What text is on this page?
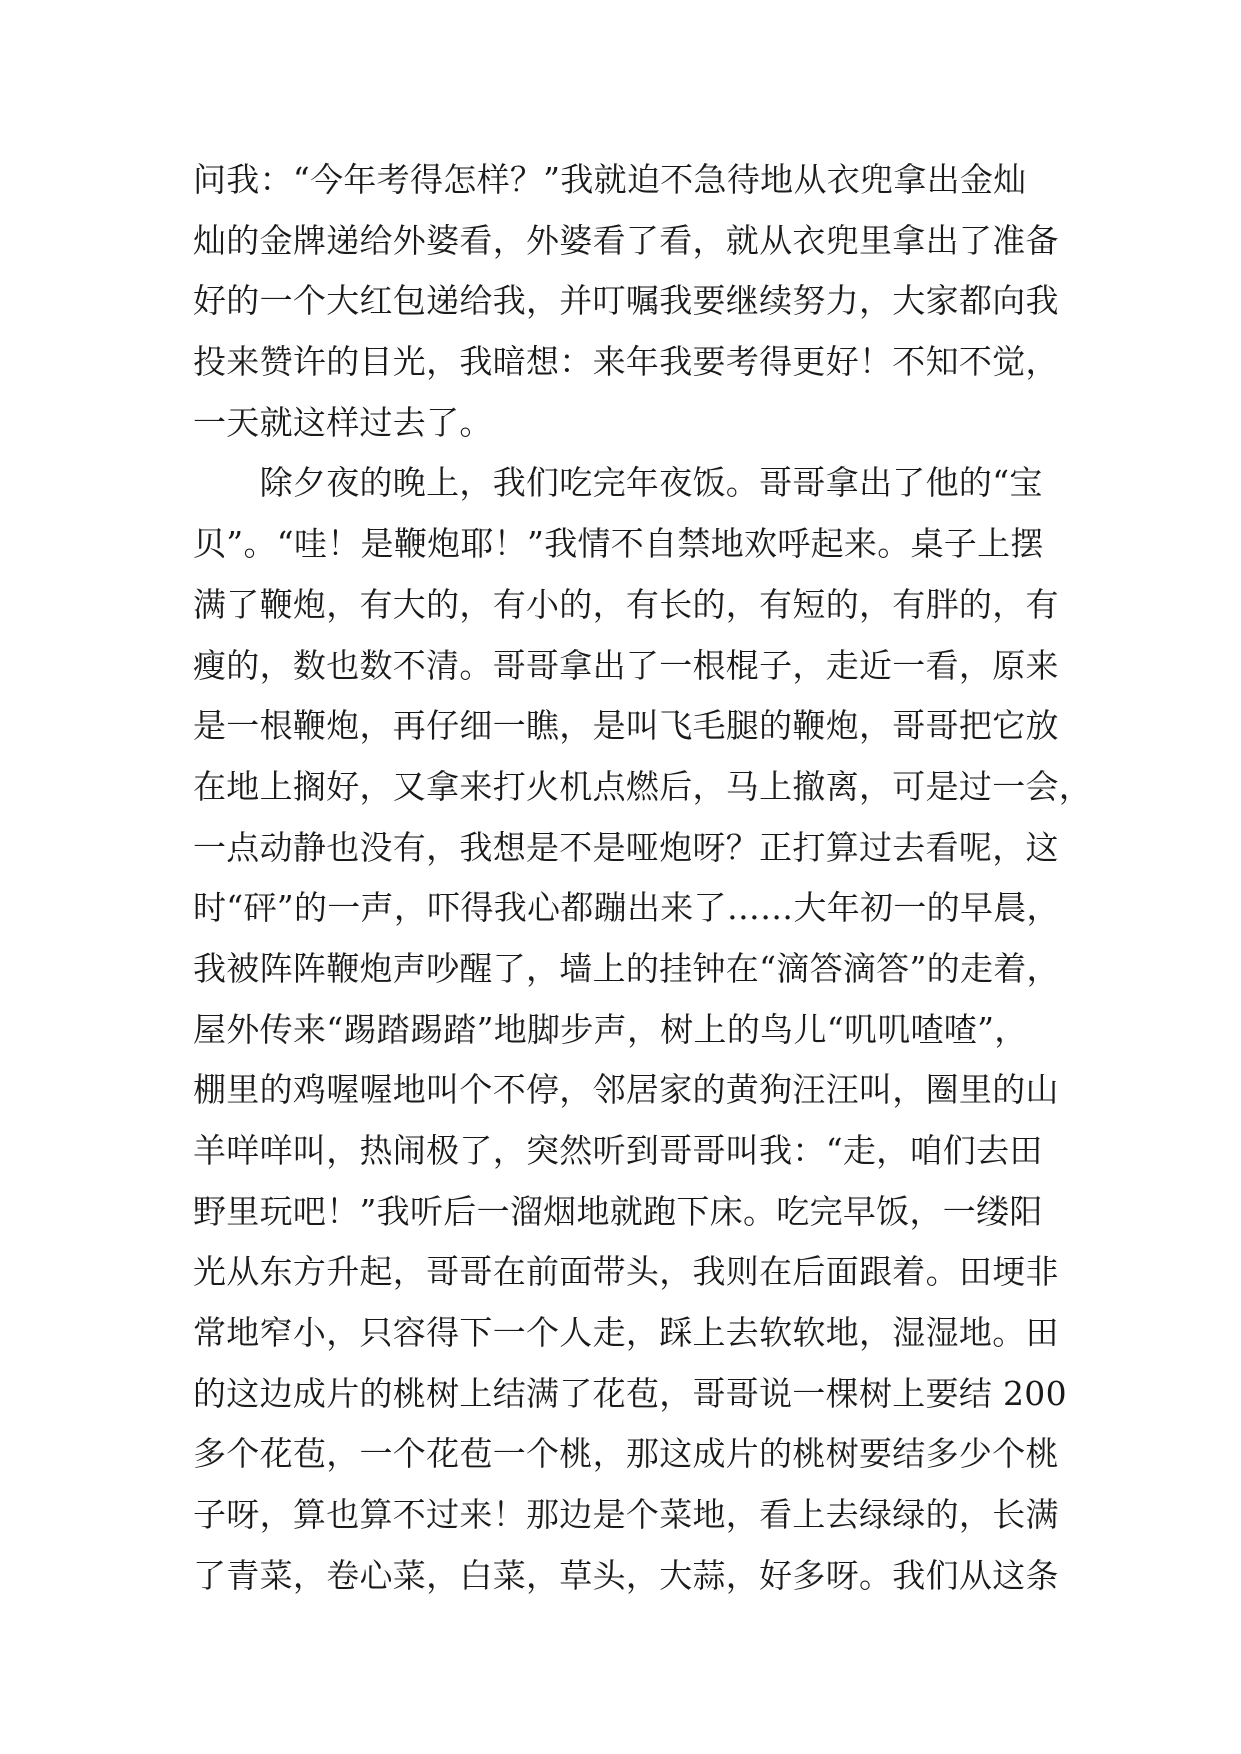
问我：“今年考得怎样？”我就迫不急待地从衣兜拿出金灿
灿的金牌递给外婆看，外婆看了看，就从衣兜里拿出了准备
好的一个大红包递给我，并叮嘱我要继续努力，大家都向我
投来赞许的目光，我暗想：来年我要考得更好！不知不觉，
一天就这样过去了。
　　除夕夜的晚上，我们吃完年夜饭。哥哥拿出了他的“宝
贝”。“哇！是鞭炮耶！”我情不自禁地欢呼起来。桌子上摆
满了鞭炮，有大的，有小的，有长的，有短的，有胖的，有
瘦的，数也数不清。哥哥拿出了一根棍子，走近一看，原来
是一根鞭炮，再仔细一瞧，是叫飞毛腿的鞭炮，哥哥把它放
在地上搁好，又拿来打火机点燃后，马上撤离，可是过一会，
一点动静也没有，我想是不是哑炮呀？正打算过去看呢，这
时“砰”的一声，吓得我心都蹦出来了……大年初一的早晨，
我被阵阵鞭炮声吵醒了，墙上的挂钟在“滴答滴答”的走着，
屋外传来“踢踏踢踏”地脚步声，树上的鸟儿“叽叽喳喳”，
棚里的鸡喔喔地叫个不停，邻居家的黄狗汪汪叫，圈里的山
羊咩咩叫，热闹极了，突然听到哥哥叫我：“走，咱们去田
野里玩吧！”我听后一溜烟地就跑下床。吃完早饭，一缕阳
光从东方升起，哥哥在前面带头，我则在后面跟着。田埂非
常地窄小，只容得下一个人走，踩上去软软地，湿湿地。田
的这边成片的桃树上结满了花苞，哥哥说一棵树上要结 200
多个花苞，一个花苞一个桃，那这成片的桃树要结多少个桃
子呀，算也算不过来！那边是个菜地，看上去绿绿的，长满
了青菜，卷心菜，白菜，草头，大蒜，好多呀。我们从这条
